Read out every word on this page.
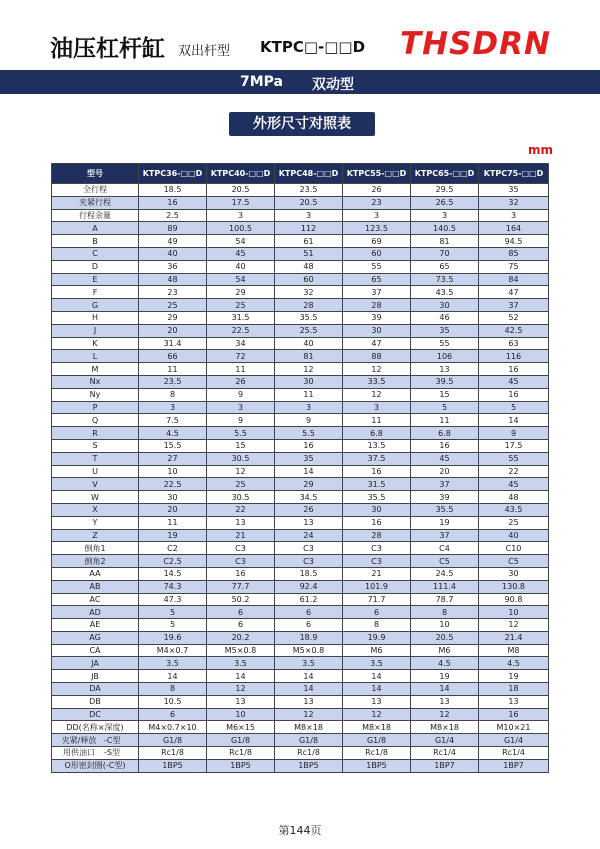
油压杠杆缸 双出杆型 KTPC□-□□D THSDRN
7MPa 双动型
外形尺寸对照表
mm
型号	KTPC36-□□D	KTPC40-□□D	KTPC48-□□D	KTPC55-□□D	KTPC65-□□D	KTPC75-□□D
全行程	18.5	20.5	23.5	26	29.5	35
夹紧行程	16	17.5	20.5	23	26.5	32
行程余量	2.5	3	3	3	3	3
A	89	100.5	112	123.5	140.5	164
B	49	54	61	69	81	94.5
C	40	45	51	60	70	85
D	36	40	48	55	65	75
E	48	54	60	65	73.5	84
F	23	29	32	37	43.5	47
G	25	25	28	28	30	37
H	29	31.5	35.5	39	46	52
J	20	22.5	25.5	30	35	42.5
K	31.4	34	40	47	55	63
L	66	72	81	88	106	116
M	11	11	12	12	13	16
Nx	23.5	26	30	33.5	39.5	45
Ny	8	9	11	12	15	16
P	3	3	3	3	5	5
Q	7.5	9	9	11	11	14
R	4.5	5.5	5.5	6.8	6.8	9
S	15.5	15	16	13.5	16	17.5
T	27	30.5	35	37.5	45	55
U	10	12	14	16	20	22
V	22.5	25	29	31.5	37	45
W	30	30.5	34.5	35.5	39	48
X	20	22	26	30	35.5	43.5
Y	11	13	13	16	19	25
Z	19	21	24	28	37	40
倒角1	C2	C3	C3	C3	C4	C10
倒角2	C2.5	C3	C3	C3	C5	C5
AA	14.5	16	18.5	21	24.5	30
AB	74.3	77.7	92.4	101.9	111.4	130.8
AC	47.3	50.2	61.2	71.7	78.7	90.8
AD	5	6	6	6	8	10
AE	5	6	6	8	10	12
AG	19.6	20.2	18.9	19.9	20.5	21.4
CA	M4×0.7	M5×0.8	M5×0.8	M6	M6	M8
JA	3.5	3.5	3.5	3.5	4.5	4.5
JB	14	14	14	14	19	19
DA	8	12	14	14	14	18
DB	10.5	13	13	13	13	13
DC	6	10	12	12	12	16
DD(名称×深度)	M4×0.7×10	M6×15	M8×18	M8×18	M8×18	M10×21
夹紧/释放 -C型	G1/8	G1/8	G1/8	G1/8	G1/4	G1/4
用供油口 -S型	Rc1/8	Rc1/8	Rc1/8	Rc1/8	Rc1/4	Rc1/4
O形密封圈(-C型)	1BP5	1BP5	1BP5	1BP5	1BP7	1BP7
第144页
